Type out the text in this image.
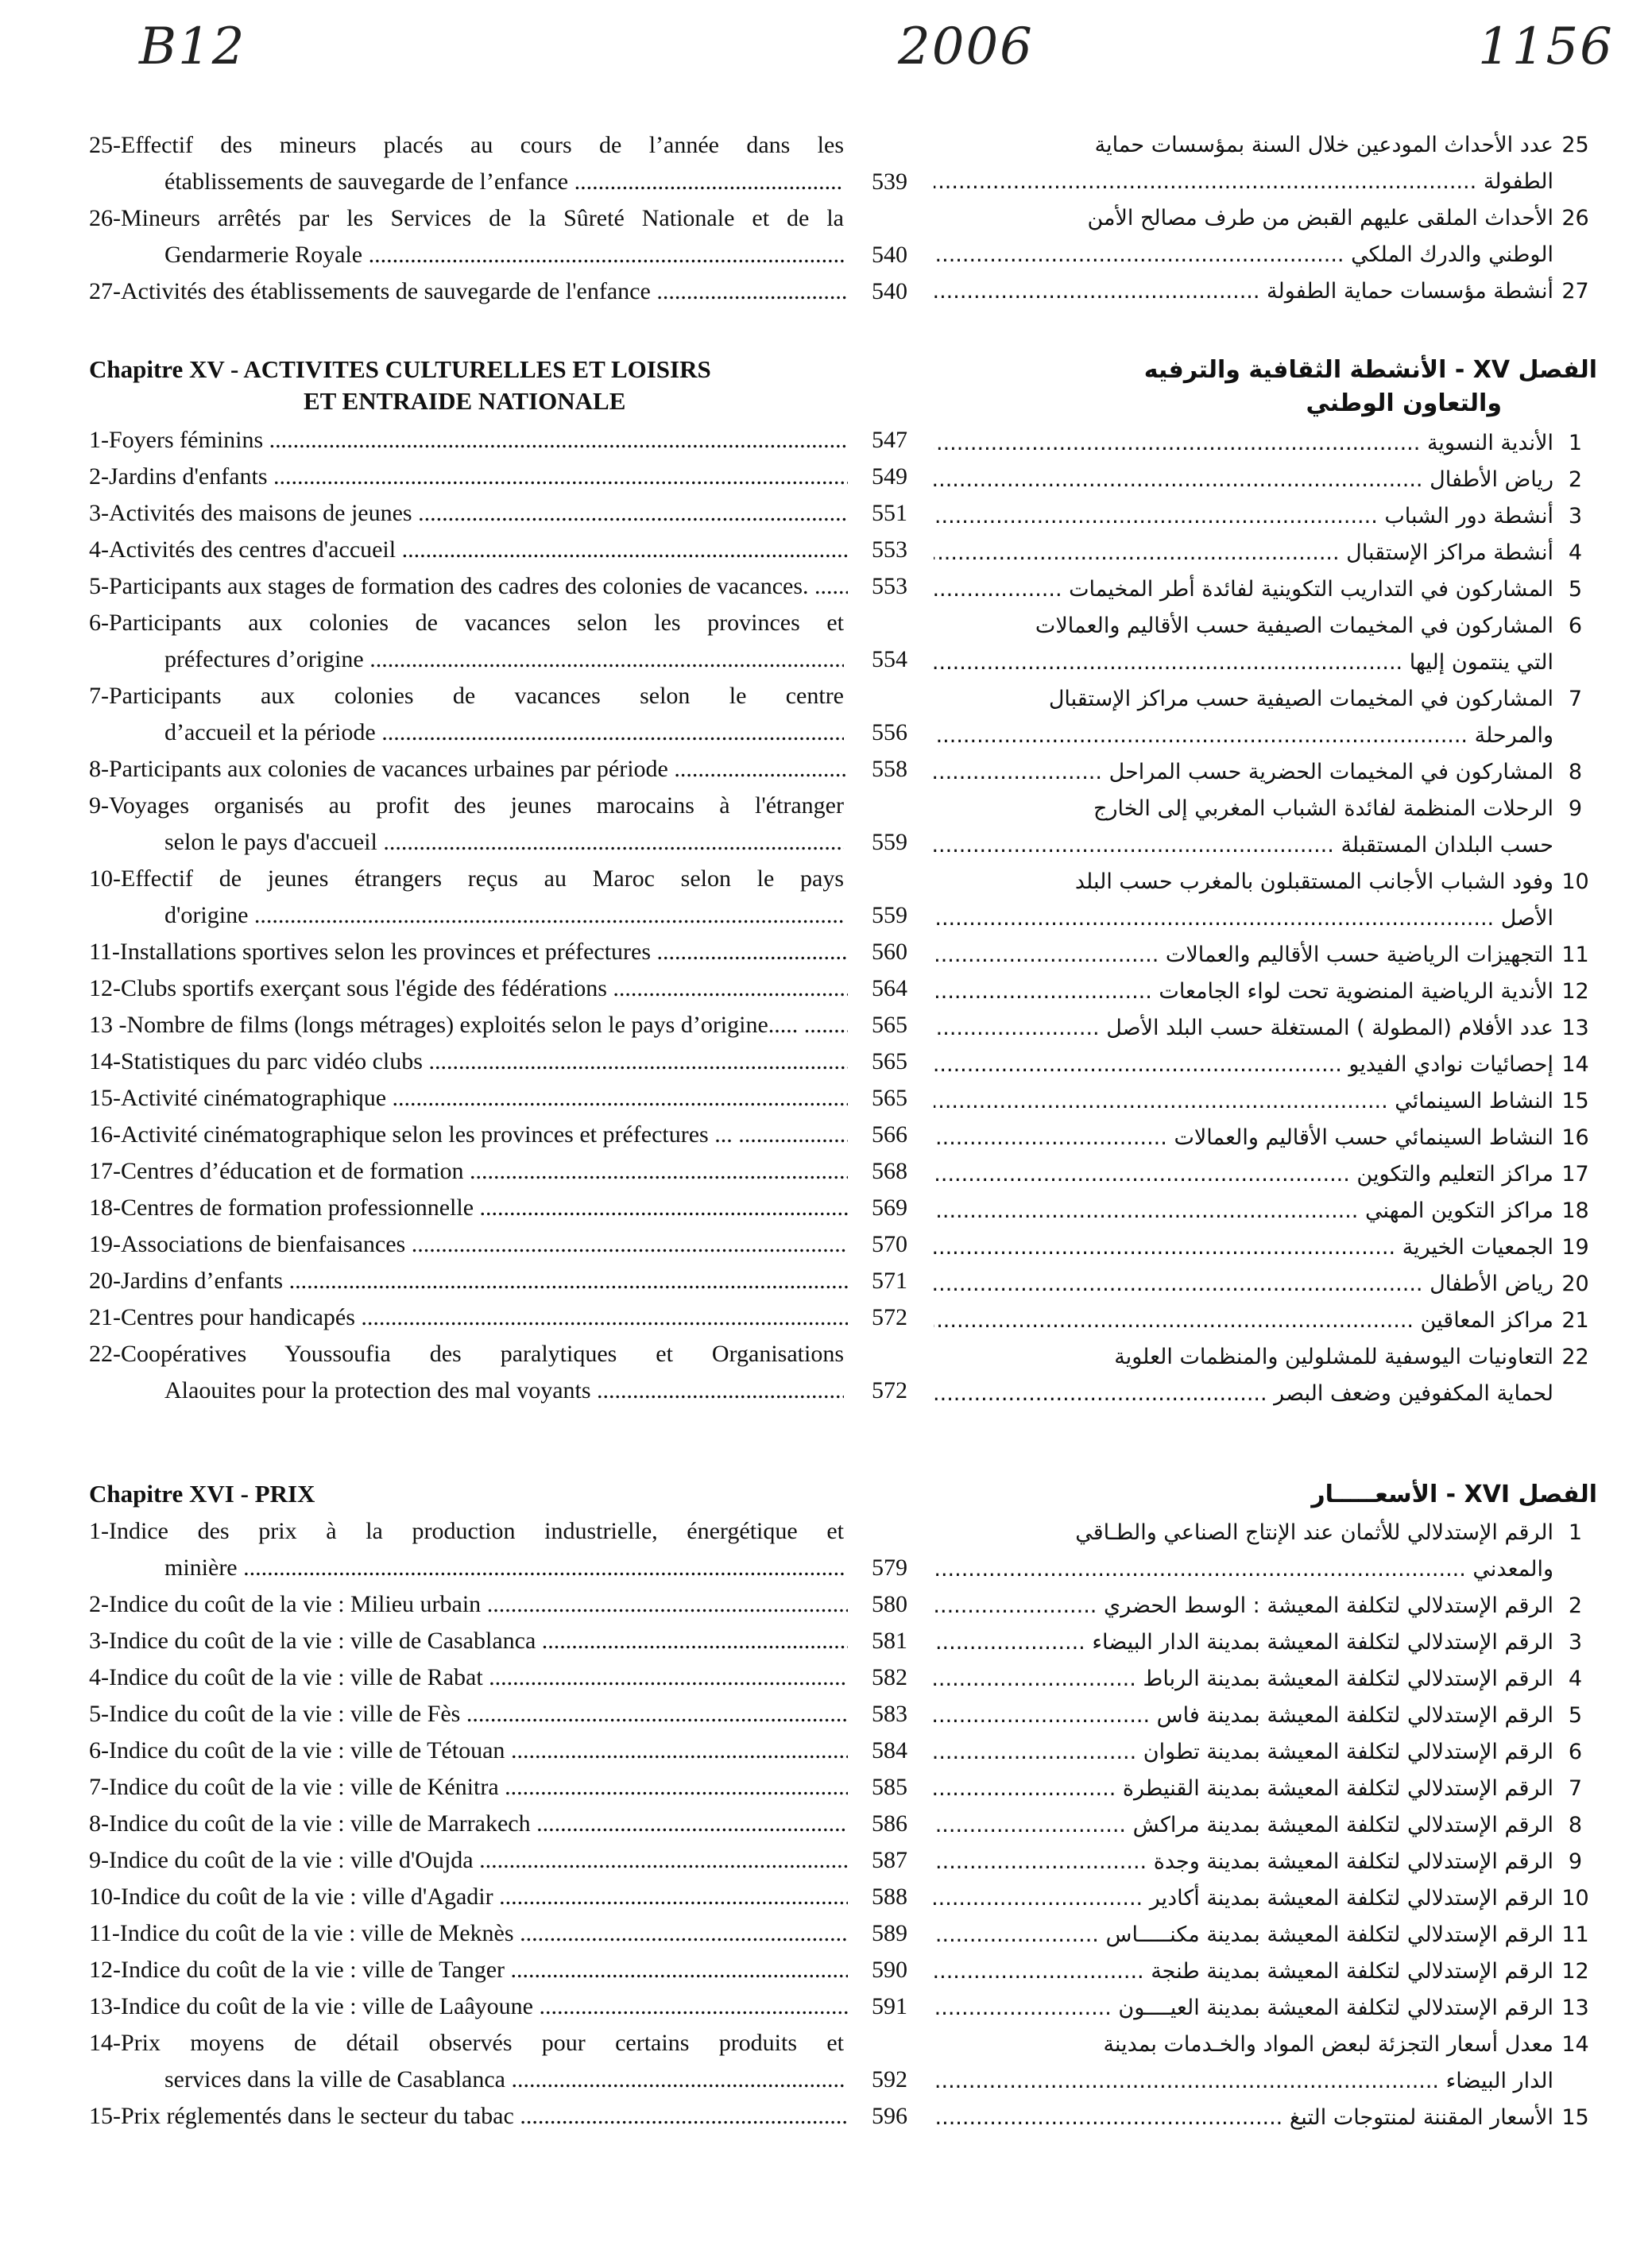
B12	2006	1156
25-Effectif des mineurs placés au cours de l’année dans les
établissements de sauvegarde de l’enfance .....	539
26-Mineurs arrêtés par les Services de la Sûreté Nationale et de la
Gendarmerie Royale .....	540
27-Activités des établissements de sauvegarde de l'enfance .....	540
Chapitre XV - ACTIVITES CULTURELLES ET LOISIRS
ET ENTRAIDE NATIONALE
1-Foyers féminins .....	547
2-Jardins d'enfants .....	549
3-Activités des maisons de jeunes .....	551
4-Activités des centres d'accueil .....	553
5-Participants aux stages de formation des cadres des colonies de vacances. .....	553
6-Participants aux colonies de vacances selon les provinces et
préfectures d’origine .....	554
7-Participants aux colonies de vacances selon le centre
d’accueil et la période .....	556
8-Participants aux colonies de vacances urbaines par période .....	558
9-Voyages organisés au profit des jeunes marocains à l'étranger
selon le pays d'accueil .....	559
10-Effectif de jeunes étrangers reçus au Maroc selon le pays
d'origine .....	559
11-Installations sportives selon les provinces et préfectures .....	560
12-Clubs sportifs exerçant sous l'égide des fédérations .....	564
13 -Nombre de films (longs métrages) exploités selon le pays d’origine..... .....	565
14-Statistiques du parc vidéo clubs .....	565
15-Activité cinématographique .....	565
16-Activité cinématographique selon les provinces et préfectures ... .....	566
17-Centres d’éducation et de formation .....	568
18-Centres de formation professionnelle .....	569
19-Associations de bienfaisances .....	570
20-Jardins d’enfants .....	571
21-Centres pour handicapés .....	572
22-Coopératives Youssoufia des paralytiques et Organisations
Alaouites pour la protection des mal voyants .....	572
Chapitre XVI - PRIX
1-Indice des prix à la production industrielle, énergétique et
minière .....	579
2-Indice du coût de la vie : Milieu urbain .....	580
3-Indice du coût de la vie : ville de Casablanca .....	581
4-Indice du coût de la vie : ville de Rabat .....	582
5-Indice du coût de la vie : ville de Fès .....	583
6-Indice du coût de la vie : ville de Tétouan .....	584
7-Indice du coût de la vie : ville de Kénitra .....	585
8-Indice du coût de la vie : ville de Marrakech .....	586
9-Indice du coût de la vie : ville d'Oujda .....	587
10-Indice du coût de la vie : ville d'Agadir .....	588
11-Indice du coût de la vie : ville de Meknès .....	589
12-Indice du coût de la vie : ville de Tanger .....	590
13-Indice du coût de la vie : ville de Laâyoune .....	591
14-Prix moyens de détail observés pour certains produits et
services dans la ville de Casablanca .....	592
15-Prix réglementés dans le secteur du tabac .....	596
25
عدد الأحداث المودعين خلال السنة بمؤسسات حماية
الطفولة .....
26
الأحداث الملقى عليهم القبض من طرف مصالح الأمن
الوطني والدرك الملكي .....
27
أنشطة مؤسسات حماية الطفولة .....
الفصل XV - الأنشطة الثقافية والترفيه
والتعاون الوطني
1
الأندية النسوية .....
2
رياض الأطفال .....
3
أنشطة دور الشباب .....
4
أنشطة مراكز الإستقبال .....
5
المشاركون في التداريب التكوينية لفائدة أطر المخيمات .....
6
المشاركون في المخيمات الصيفية حسب الأقاليم والعمالات
التي ينتمون إليها .....
7
المشاركون في المخيمات الصيفية حسب مراكز الإستقبال
والمرحلة .....
8
المشاركون في المخيمات الحضرية حسب المراحل .....
9
الرحلات المنظمة لفائدة الشباب المغربي إلى الخارج
حسب البلدان المستقبلة .....
10
وفود الشباب الأجانب المستقبلون بالمغرب حسب البلد
الأصل .....
11
التجهيزات الرياضية حسب الأقاليم والعمالات .....
12
الأندية الرياضية المنضوية تحت لواء الجامعات .....
13
عدد الأفلام (المطولة ) المستغلة حسب البلد الأصل .....
14
إحصائيات نوادي الفيديو .....
15
النشاط السينمائي .....
16
النشاط السينمائي حسب الأقاليم والعمالات .....
17
مراكز التعليم والتكوين .....
18
مراكز التكوين المهني .....
19
الجمعيات الخيرية .....
20
رياض الأطفال .....
21
مراكز المعاقين .....
22
التعاونيات اليوسفية للمشلولين والمنظمات العلوية
لحماية المكفوفين وضعف البصر .....
الفصل XVI - الأسعـــــار
1
الرقم الإستدلالي للأثمان عند الإنتاج الصناعي والطـاقي
والمعدني .....
2
الرقم الإستدلالي لتكلفة المعيشة : الوسط الحضري .....
3
الرقم الإستدلالي لتكلفة المعيشة بمدينة الدار البيضاء .....
4
الرقم الإستدلالي لتكلفة المعيشة بمدينة الرباط .....
5
الرقم الإستدلالي لتكلفة المعيشة بمدينة فاس .....
6
الرقم الإستدلالي لتكلفة المعيشة بمدينة تطوان .....
7
الرقم الإستدلالي لتكلفة المعيشة بمدينة القنيطرة .....
8
الرقم الإستدلالي لتكلفة المعيشة بمدينة مراكش .....
9
الرقم الإستدلالي لتكلفة المعيشة بمدينة وجدة .....
10
الرقم الإستدلالي لتكلفة المعيشة بمدينة أكادير .....
11
الرقم الإستدلالي لتكلفة المعيشة بمدينة مكنـــــاس .....
12
الرقم الإستدلالي لتكلفة المعيشة بمدينة طنجة .....
13
الرقم الإستدلالي لتكلفة المعيشة بمدينة العيــــون .....
14
معدل أسعار التجزئة لبعض المواد والخـدمات بمدينة
الدار البيضاء .....
15
الأسعار المقننة لمنتوجات التبغ .....
